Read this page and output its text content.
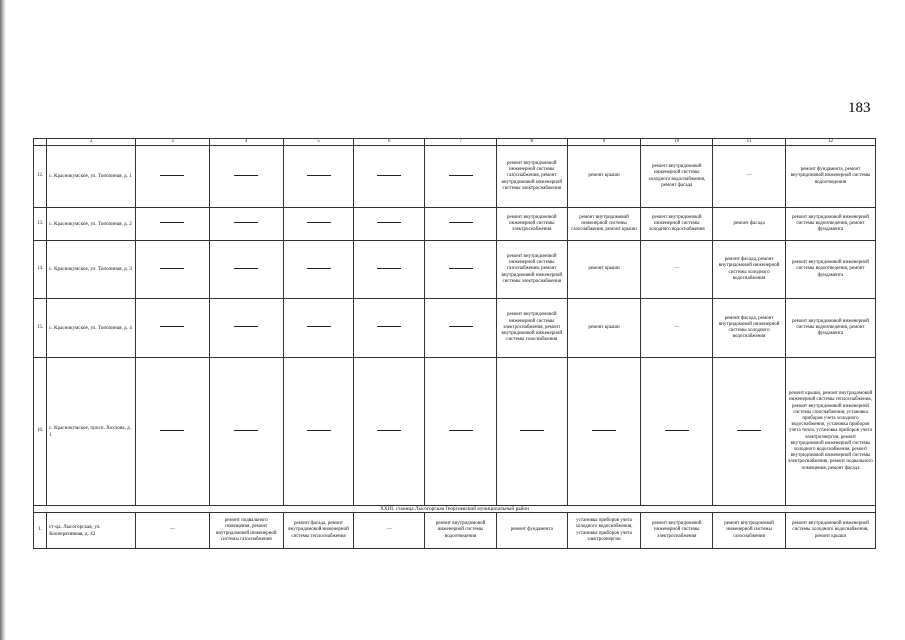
183
	2	3	4	5	6	7	8	9	10	11	12
12.	с. Краснокумское, ул. Тополиная, д. 1						ремонт внутридомовой инженерной системы газоснабжения, ремонт внутридомовой инженерной системы электроснабжения	ремонт крыши	ремонт внутридомовой инженерной системы холодного водоснабжения, ремонт фасада	—	ремонт фундамента, ремонт внутридомовой инженерной системы водоотведения
13.	с. Краснокумское, ул. Тополиная, д. 2						ремонт внутридомовой инженерной системы электроснабжения	ремонт внутридомовой инженерной системы газоснабжения, ремонт крыши	ремонт внутридомовой инженерной системы холодного водоснабжения	ремонт фасада	ремонт внутридомовой инженерной системы водоотведения, ремонт фундамента
14.	с. Краснокумское, ул. Тополиная, д. 3						ремонт внутридомовой инженерной системы газоснабжения, ремонт внутридомовой инженерной системы электроснабжения	ремонт крыши	—	ремонт фасада, ремонт внутридомовой инженерной системы холодного водоснабжения	ремонт внутридомовой инженерной системы водоотведения, ремонт фундамента
15.	с. Краснокумское, ул. Тополиная, д. 4						ремонт внутридомовой инженерной системы электроснабжения, ремонт внутридомовой инженерной системы газоснабжения	ремонт крыши	—	ремонт фасада, ремонт внутридомовой инженерной системы холодного водоснабжения	ремонт внутридомовой инженерной системы водоотведения, ремонт фундамента
16.	с. Краснокумское, просп. Хохлова, д. 1										ремонт крыши, ремонт внутридомовой инженерной системы теплоснабжения, ремонт внутридомовой инженерной системы газоснабжения, установка приборов учета холодного водоснабжения, установка приборов учета тепла, установка приборов учета электроэнергии, ремонт внутридомовой инженерной системы холодного водоснабжения, ремонт внутридомовой инженерной системы электроснабжения, ремонт подвального помещения, ремонт фасада
XXIII. станица Лысогорская Георгиевский муниципальный район											
1.	ст-ца. Лысогорская, ул. Кооперативная, д. 42	—	ремонт подвального помещения, ремонт внутридомовой инженерной системы газоснабжения	ремонт фасада, ремонт внутридомовой инженерной системы теплоснабжения	—	ремонт внутридомовой инженерной системы водоотведения	ремонт фундамента	установка приборов учета холодного водоснабжения, установка приборов учета электроэнергии	ремонт внутридомовой инженерной системы электроснабжения	ремонт внутридомовой инженерной системы газоснабжения	ремонт внутридомовой инженерной системы холодного водоснабжения, ремонт крыши
